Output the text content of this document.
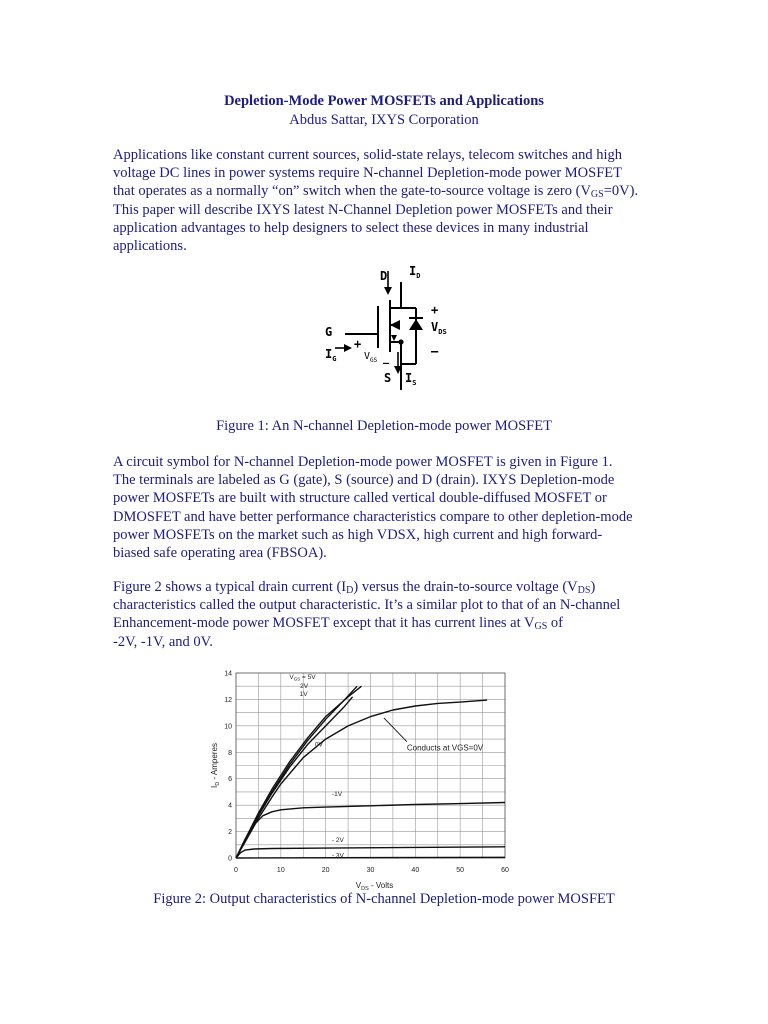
Depletion-Mode Power MOSFETs and Applications
Abdus Sattar, IXYS Corporation
Applications like constant current sources, solid-state relays, telecom switches and high
voltage DC lines in power systems require N-channel Depletion-mode power MOSFET
that operates as a normally “on” switch when the gate-to-source voltage is zero $(V_{GS}=0V)$.
This paper will describe IXYS latest N-Channel Depletion power MOSFETs and their
application advantages to help designers to select these devices in many industrial
applications.
D $I_D$
+
$V_{DS}$
–
G
+
$I_G$	$V_{GS}$ –
S $I_S$
Figure 1: An N-channel Depletion-mode power MOSFET
A circuit symbol for N-channel Depletion-mode power MOSFET is given in Figure 1.
The terminals are labeled as G (gate), S (source) and D (drain). IXYS Depletion-mode
power MOSFETs are built with structure called vertical double-diffused MOSFET or
DMOSFET and have better performance characteristics compare to other depletion-mode
power MOSFETs on the market such as high VDSX, high current and high forward-
biased safe operating area (FBSOA).
Figure 2 shows a typical drain current $(I_D)$ versus the drain-to-source voltage $(V_{DS})$
characteristics called the output characteristic. It’s a similar plot to that of an N-channel
Enhancement-mode power MOSFET except that it has current lines at $V_{GS}$ of
-2V, -1V, and 0V.
0	10	20	30	40	50	60
0
2
4
6
8
10
12
14
$V_{DS}$ - Volts
$I_D$ - Amperes
$V_{GS} = 5V$
2V
1V
0V
-1V
- 2V
- 3V
Conducts at VGS=0V
Figure 2: Output characteristics of N-channel Depletion-mode power MOSFET
